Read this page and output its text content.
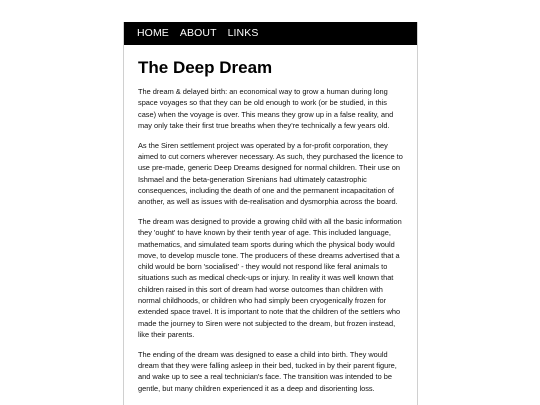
HOME ABOUT LINKS
The Deep Dream

The dream & delayed birth: an economical way to grow a human during long space voyages so that they can be old enough to work (or be studied, in this case) when the voyage is over. This means they grow up in a false reality, and may only take their first true breaths when they're technically a few years old.

As the Siren settlement project was operated by a for-profit corporation, they aimed to cut corners wherever necessary. As such, they purchased the licence to use pre-made, generic Deep Dreams designed for normal children. Their use on Ishmael and the beta-generation Sirenians had ultimately catastrophic consequences, including the death of one and the permanent incapacitation of another, as well as issues with de-realisation and dysmorphia across the board.

The dream was designed to provide a growing child with all the basic information they 'ought' to have known by their tenth year of age. This included language, mathematics, and simulated team sports during which the physical body would move, to develop muscle tone. The producers of these dreams advertised that a child would be born 'socialised' - they would not respond like feral animals to situations such as medical check-ups or injury. In reality it was well known that children raised in this sort of dream had worse outcomes than children with normal childhoods, or children who had simply been cryogenically frozen for extended space travel. It is important to note that the children of the settlers who made the journey to Siren were not subjected to the dream, but frozen instead, like their parents.

The ending of the dream was designed to ease a child into birth. They would dream that they were falling asleep in their bed, tucked in by their parent figure, and wake up to see a real technician's face. The transition was intended to be gentle, but many children experienced it as a deep and disorienting loss.
